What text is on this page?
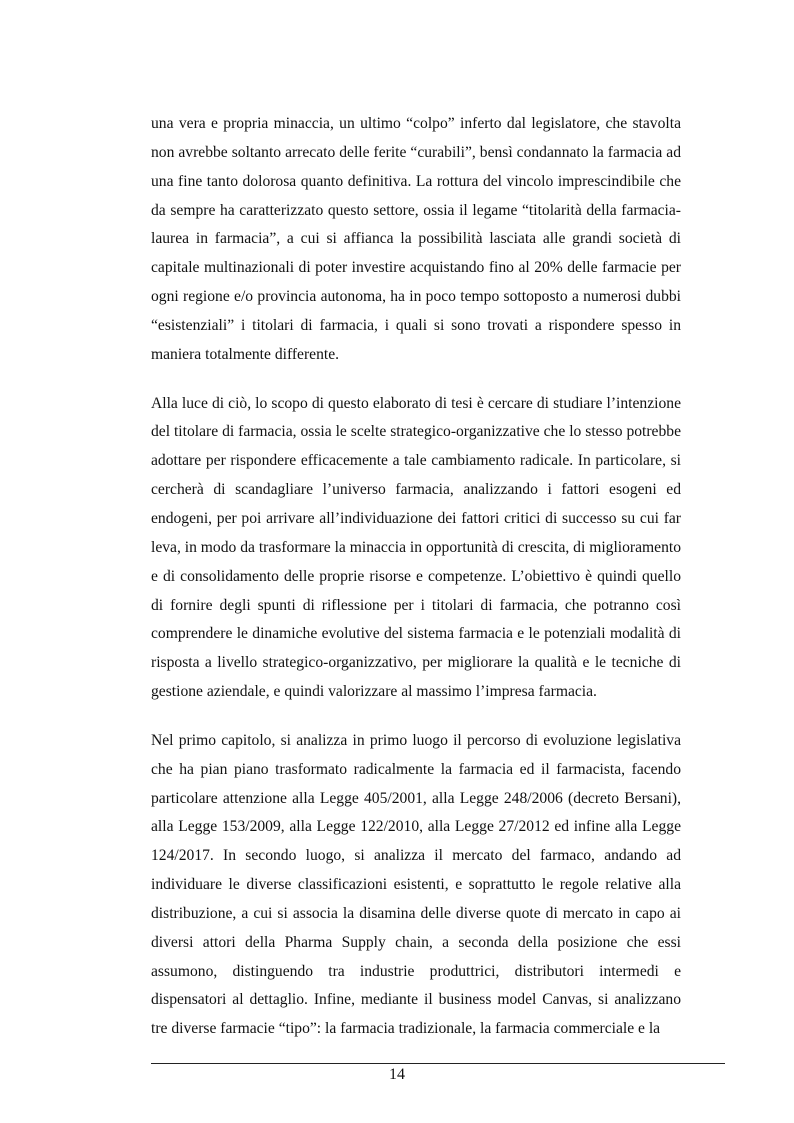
una vera e propria minaccia, un ultimo “colpo” inferto dal legislatore, che stavolta non avrebbe soltanto arrecato delle ferite “curabili”, bensì condannato la farmacia ad una fine tanto dolorosa quanto definitiva. La rottura del vincolo imprescindibile che da sempre ha caratterizzato questo settore, ossia il legame “titolarità della farmacia-laurea in farmacia”, a cui si affianca la possibilità lasciata alle grandi società di capitale multinazionali di poter investire acquistando fino al 20% delle farmacie per ogni regione e/o provincia autonoma, ha in poco tempo sottoposto a numerosi dubbi “esistenziali” i titolari di farmacia, i quali si sono trovati a rispondere spesso in maniera totalmente differente.

Alla luce di ciò, lo scopo di questo elaborato di tesi è cercare di studiare l’intenzione del titolare di farmacia, ossia le scelte strategico-organizzative che lo stesso potrebbe adottare per rispondere efficacemente a tale cambiamento radicale. In particolare, si cercherà di scandagliare l’universo farmacia, analizzando i fattori esogeni ed endogeni, per poi arrivare all’individuazione dei fattori critici di successo su cui far leva, in modo da trasformare la minaccia in opportunità di crescita, di miglioramento e di consolidamento delle proprie risorse e competenze. L’obiettivo è quindi quello di fornire degli spunti di riflessione per i titolari di farmacia, che potranno così comprendere le dinamiche evolutive del sistema farmacia e le potenziali modalità di risposta a livello strategico-organizzativo, per migliorare la qualità e le tecniche di gestione aziendale, e quindi valorizzare al massimo l’impresa farmacia.

Nel primo capitolo, si analizza in primo luogo il percorso di evoluzione legislativa che ha pian piano trasformato radicalmente la farmacia ed il farmacista, facendo particolare attenzione alla Legge 405/2001, alla Legge 248/2006 (decreto Bersani), alla Legge 153/2009, alla Legge 122/2010, alla Legge 27/2012 ed infine alla Legge 124/2017. In secondo luogo, si analizza il mercato del farmaco, andando ad individuare le diverse classificazioni esistenti, e soprattutto le regole relative alla distribuzione, a cui si associa la disamina delle diverse quote di mercato in capo ai diversi attori della Pharma Supply chain, a seconda della posizione che essi assumono, distinguendo tra industrie produttrici, distributori intermedi e dispensatori al dettaglio. Infine, mediante il business model Canvas, si analizzano tre diverse farmacie “tipo”: la farmacia tradizionale, la farmacia commerciale e la

14
